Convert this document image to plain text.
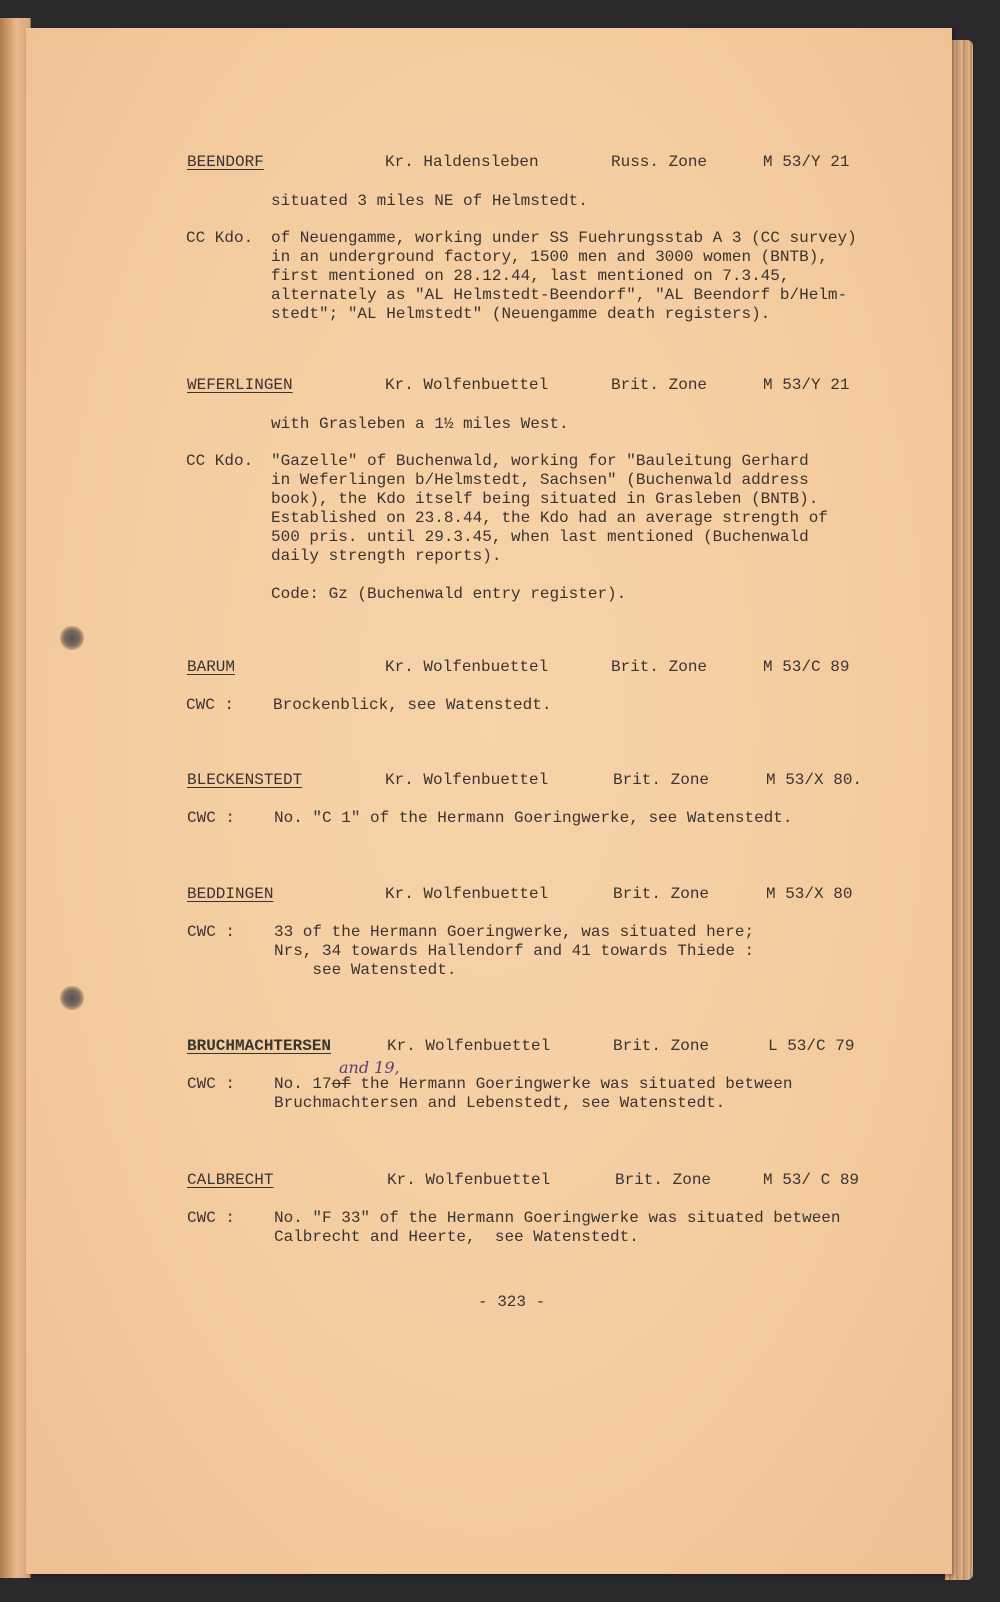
BEENDORF	Kr. Haldensleben	Russ. Zone	M 53/Y 21
situated 3 miles NE of Helmstedt.
CC Kdo. of Neuengamme, working under SS Fuehrungsstab A 3 (CC survey)
in an underground factory, 1500 men and 3000 women (BNTB),
first mentioned on 28.12.44, last mentioned on 7.3.45,
alternately as "AL Helmstedt-Beendorf", "AL Beendorf b/Helm-
stedt"; "AL Helmstedt" (Neuengamme death registers).
WEFERLINGEN	Kr. Wolfenbuettel	Brit. Zone	M 53/Y 21
with Grasleben a 1½ miles West.
CC Kdo. "Gazelle" of Buchenwald, working for "Bauleitung Gerhard
in Weferlingen b/Helmstedt, Sachsen" (Buchenwald address
book), the Kdo itself being situated in Grasleben (BNTB).
Established on 23.8.44, the Kdo had an average strength of
500 pris. until 29.3.45, when last mentioned (Buchenwald
daily strength reports).
Code: Gz (Buchenwald entry register).
BARUM	Kr. Wolfenbuettel	Brit. Zone	M 53/C 89
CWC : Brockenblick, see Watenstedt.
BLECKENSTEDT	Kr. Wolfenbuettel	Brit. Zone	M 53/X 80.
CWC : No. "C 1" of the Hermann Goeringwerke, see Watenstedt.
BEDDINGEN	Kr. Wolfenbuettel	Brit. Zone	M 53/X 80
CWC : 33 of the Hermann Goeringwerke, was situated here;
Nrs, 34 towards Hallendorf and 41 towards Thiede :
see Watenstedt.
BRUCHMACHTERSEN	Kr. Wolfenbuettel	Brit. Zone	L 53/C 79
and 19,
CWC : No. 17of the Hermann Goeringwerke was situated between
Bruchmachtersen and Lebenstedt, see Watenstedt.
CALBRECHT	Kr. Wolfenbuettel	Brit. Zone	M 53/ C 89
CWC : No. "F 33" of the Hermann Goeringwerke was situated between
Calbrecht and Heerte,  see Watenstedt.
- 323 -
